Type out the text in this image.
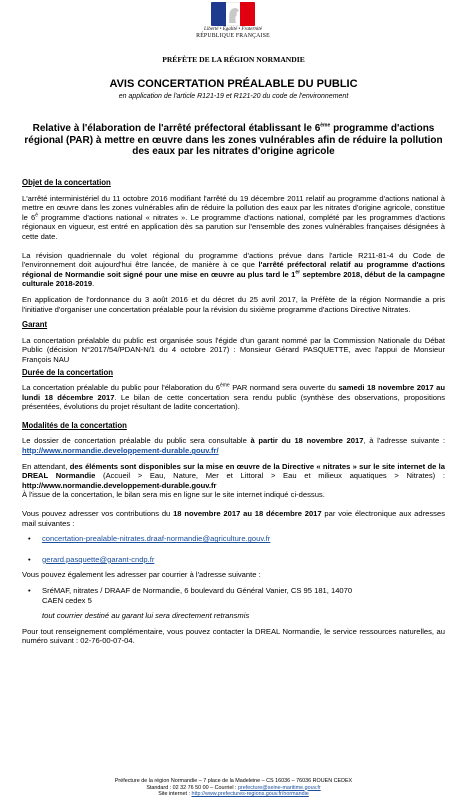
Liberté • Égalité • Fraternité
RÉPUBLIQUE FRANÇAISE
PRÉFÈTE DE LA RÉGION NORMANDIE
AVIS CONCERTATION PRÉALABLE DU PUBLIC
en application de l'article R121-19 et R121-20 du code de l'environnement
Relative à l'élaboration de l'arrêté préfectoral établissant le 6ème programme d'actions régional (PAR) à mettre en œuvre dans les zones vulnérables afin de réduire la pollution des eaux par les nitrates d'origine agricole

Objet de la concertation

L'arrêté interministériel du 11 octobre 2016 modifiant l'arrêté du 19 décembre 2011 relatif au programme d'actions national à mettre en œuvre dans les zones vulnérables afin de réduire la pollution des eaux par les nitrates d'origine agricole, constitue le $6^è$ programme d'actions national « nitrates ». Le programme d'actions national, complété par les programmes d'actions régionaux en vigueur, est entré en application dès sa parution sur l'ensemble des zones vulnérables françaises désignées à cette date.

La révision quadriennale du volet régional du programme d'actions prévue dans l'article R211-81-4 du Code de l'environnement doit aujourd'hui être lancée, de manière à ce que l'arrêté préfectoral relatif au programme d'actions régional de Normandie soit signé pour une mise en œuvre au plus tard le 1er septembre 2018, début de la campagne culturale 2018-2019.

En application de l'ordonnance du 3 août 2016 et du décret du 25 avril 2017, la Préfète de la région Normandie a pris l'initiative d'organiser une concertation préalable pour la révision du sixième programme d'actions Directive Nitrates.

Garant

La concertation préalable du public est organisée sous l'égide d'un garant nommé par la Commission Nationale du Débat Public (décision N°2017/54/PDAN-N/1 du 4 octobre 2017) : Monsieur Gérard PASQUETTE, avec l'appui de Monsieur François NAU

Durée de la concertation

La concertation préalable du public pour l'élaboration du 6ème PAR normand sera ouverte du samedi 18 novembre 2017 au lundi 18 décembre 2017. Le bilan de cette concertation sera rendu public (synthèse des observations, propositions présentées, évolutions du projet résultant de ladite concertation).

Modalités de la concertation

Le dossier de concertation préalable du public sera consultable à partir du 18 novembre 2017, à l'adresse suivante : http://www.normandie.developpement-durable.gouv.fr/

En attendant, des éléments sont disponibles sur la mise en œuvre de la Directive « nitrates » sur le site internet de la DREAL Normandie (Accueil > Eau, Nature, Mer et Littoral > Eau et milieux aquatiques > Nitrates) : http://www.normandie.developpement-durable.gouv.fr

À l'issue de la concertation, le bilan sera mis en ligne sur le site internet indiqué ci-dessus.

Vous pouvez adresser vos contributions du 18 novembre 2017 au 18 décembre 2017 par voie électronique aux adresses mail suivantes :

• concertation-prealable-nitrates.draaf-normandie@agriculture.gouv.fr
• gerard.pasquette@garant-cndp.fr

Vous pouvez également les adresser par courrier à l'adresse suivante :

• SréMAF, nitrates / DRAAF de Normandie, 6 boulevard du Général Vanier, CS 95 181, 14070
CAEN cedex 5

tout courrier destiné au garant lui sera directement retransmis

Pour tout renseignement complémentaire, vous pouvez contacter la DREAL Normandie, le service ressources naturelles, au numéro suivant : 02-76-00-07-04.

Préfecture de la région Normandie – 7 place de la Madeleine – CS 16036 – 76036 ROUEN CEDEX
Standard : 02 32 76 50 00 – Courriel : prefecture@seine-maritime.gouv.fr
Site internet : http://www.prefectures-regions.gouv.fr/normandie
